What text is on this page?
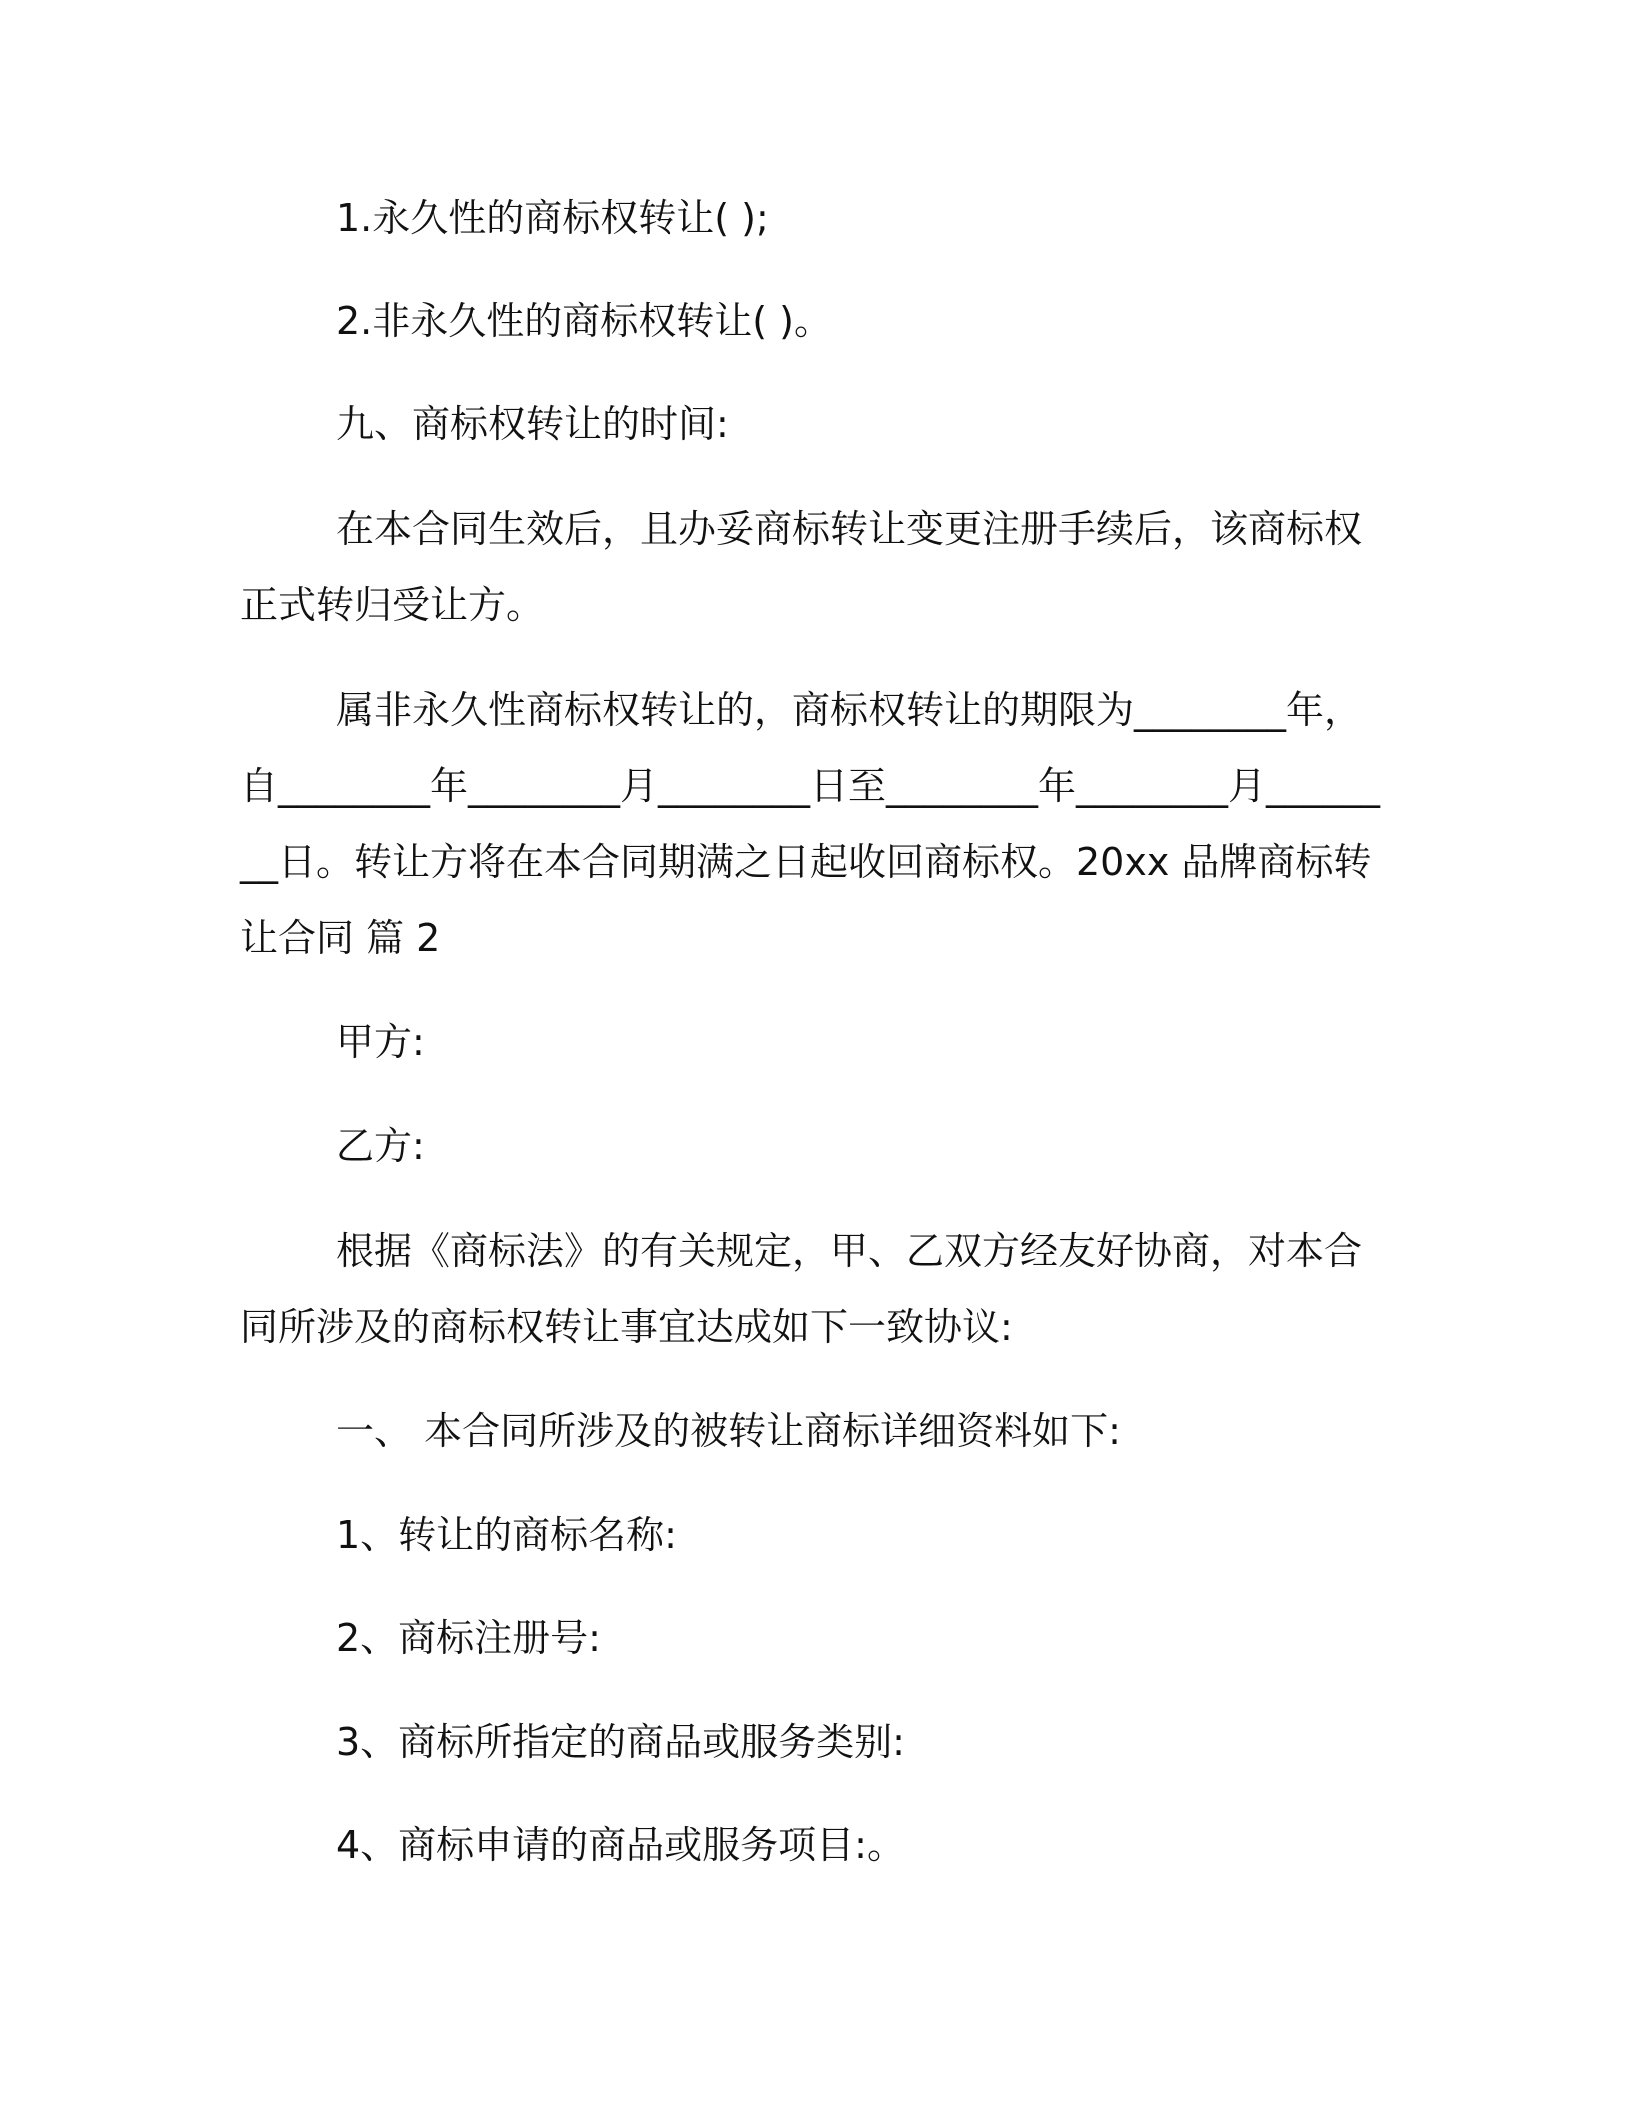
1.永久性的商标权转让( );

2.非永久性的商标权转让( )。

九、商标权转让的时间:

在本合同生效后，且办妥商标转让变更注册手续后，该商标权正式转归受让方。

属非永久性商标权转让的，商标权转让的期限为________年，自________年________月________日至________年________月________日。转让方将在本合同期满之日起收回商标权。20xx 品牌商标转让合同 篇 2

甲方:

乙方:

根据《商标法》的有关规定，甲、乙双方经友好协商，对本合同所涉及的商标权转让事宜达成如下一致协议:

一、 本合同所涉及的被转让商标详细资料如下:

1、转让的商标名称:

2、商标注册号:

3、商标所指定的商品或服务类别:

4、商标申请的商品或服务项目:。
